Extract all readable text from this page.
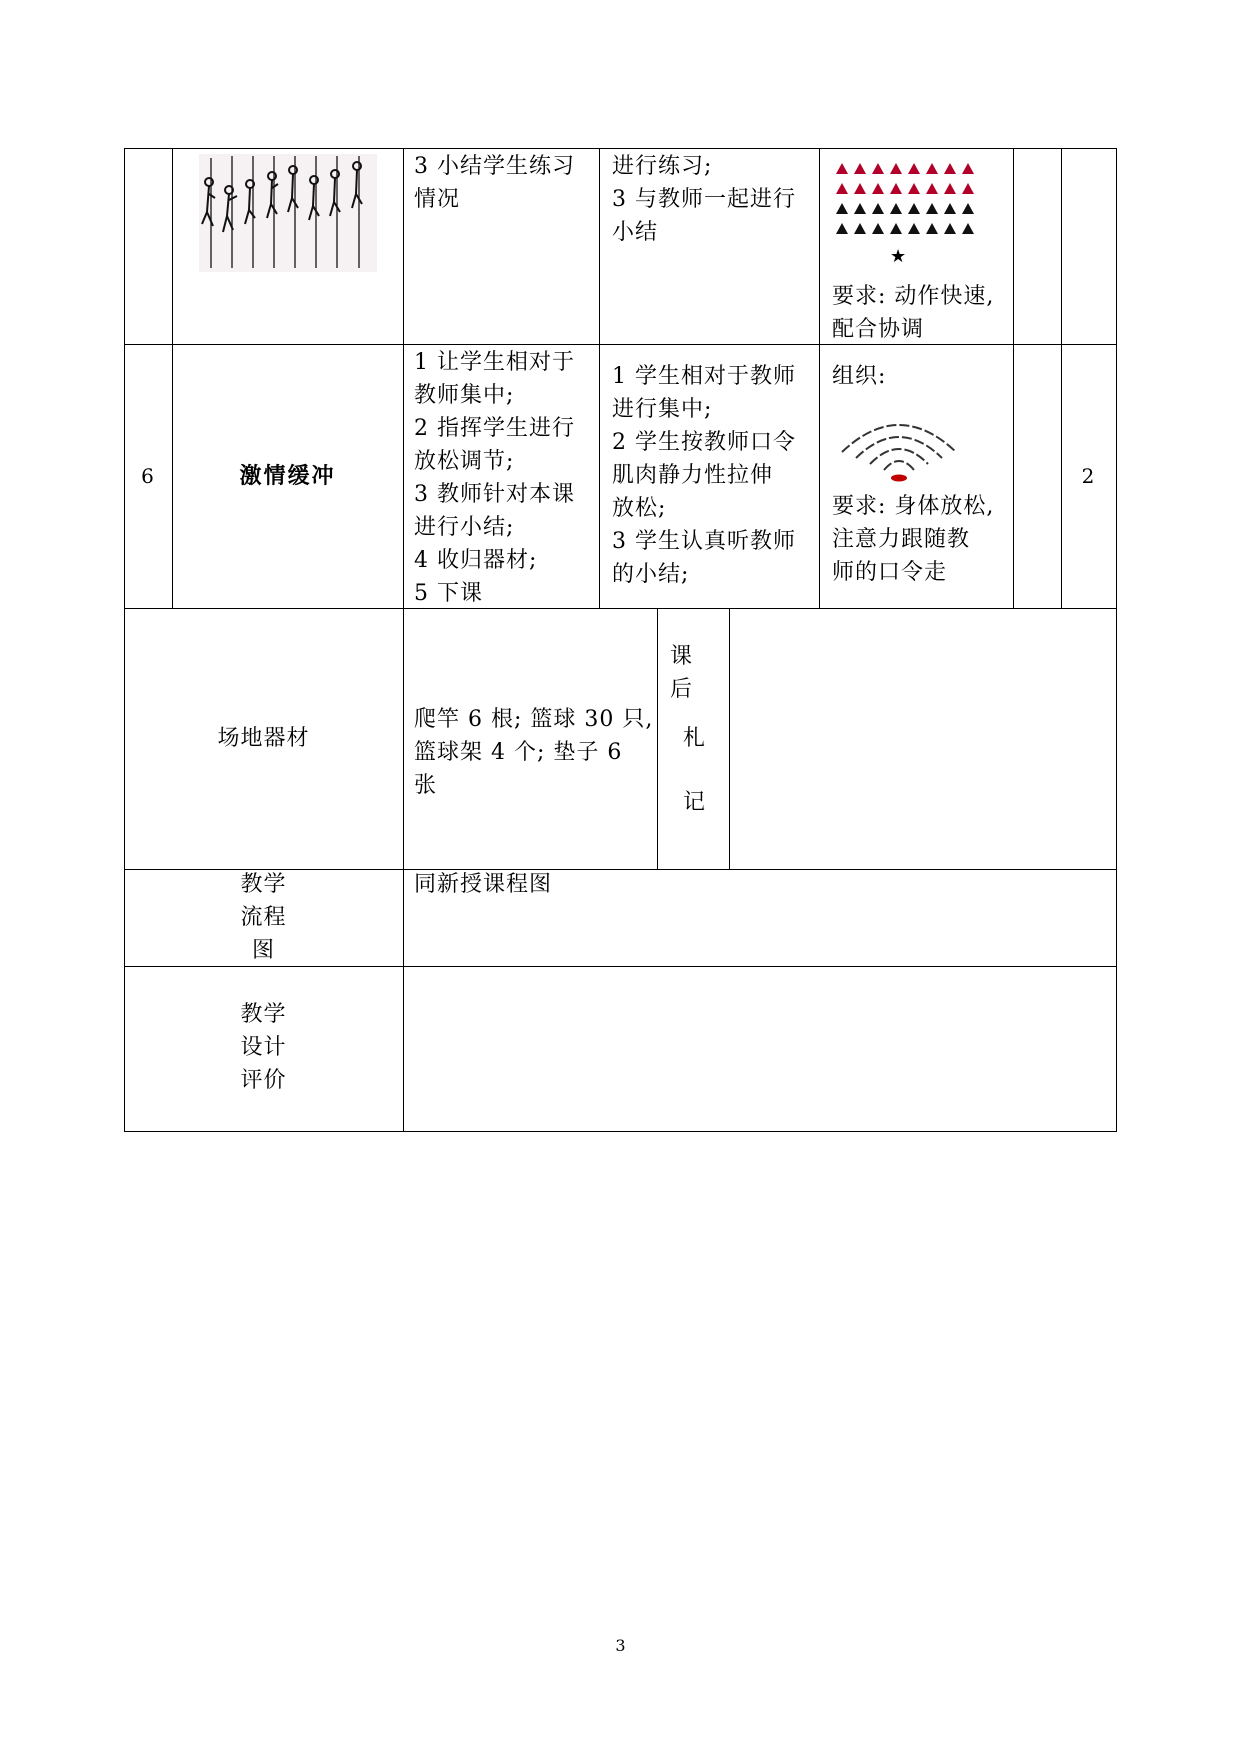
3 小结学生练习
情况

进行练习;
3 与教师一起进行
小结

★

要求: 动作快速,
配合协调

6	激情缓冲

1 让学生相对于
教师集中;
2 指挥学生进行
放松调节;
3 教师针对本课
进行小结;
4 收归器材;
5 下课

1 学生相对于教师
进行集中;
2 学生按教师口令
肌肉静力性拉伸
放松;
3 学生认真听教师
的小结;

组织:

要求: 身体放松,
注意力跟随教
师的口令走

2

场地器材

爬竿 6 根; 篮球 30 只,
篮球架 4 个; 垫子 6
张

课

后

札

记

教学
流程
图

同新授课程图

教学
设计
评价

3
